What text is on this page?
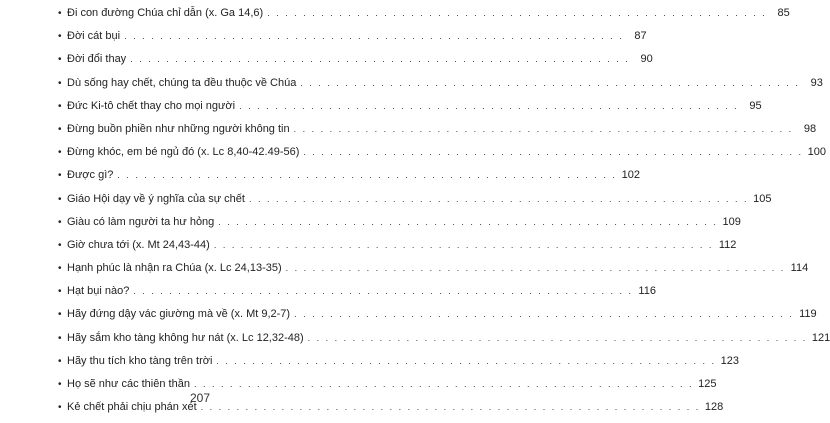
• Đi con đường Chúa chỉ dẫn (x. Ga 14,6) . . .	85
• Đời cát bụi . . .	87
• Đời đổi thay . . .	90
• Dù sống hay chết, chúng ta đều thuộc về Chúa . . .	93
• Đức Ki-tô chết thay cho mọi người . . .	95
• Đừng buồn phiền như những người không tin . . .	98
• Đừng khóc, em bé ngủ đó (x. Lc 8,40-42.49-56) . . .	100
• Được gì? . . .	102
• Giáo Hội dạy về ý nghĩa của sự chết . . .	105
• Giàu có làm người ta hư hỏng . . .	109
• Giờ chưa tới (x. Mt 24,43-44) . . .	112
• Hạnh phúc là nhận ra Chúa (x. Lc 24,13-35) . . .	114
• Hạt bụi nào? . . .	116
• Hãy đứng dậy vác giường mà về (x. Mt 9,2-7) . . .	119
• Hãy sắm kho tàng không hư nát (x. Lc 12,32-48) . . .	121
• Hãy thu tích kho tàng trên trời . . .	123
• Họ sẽ như các thiên thần . . .	125
• Kẻ chết phải chịu phán xét . . .	128
207
